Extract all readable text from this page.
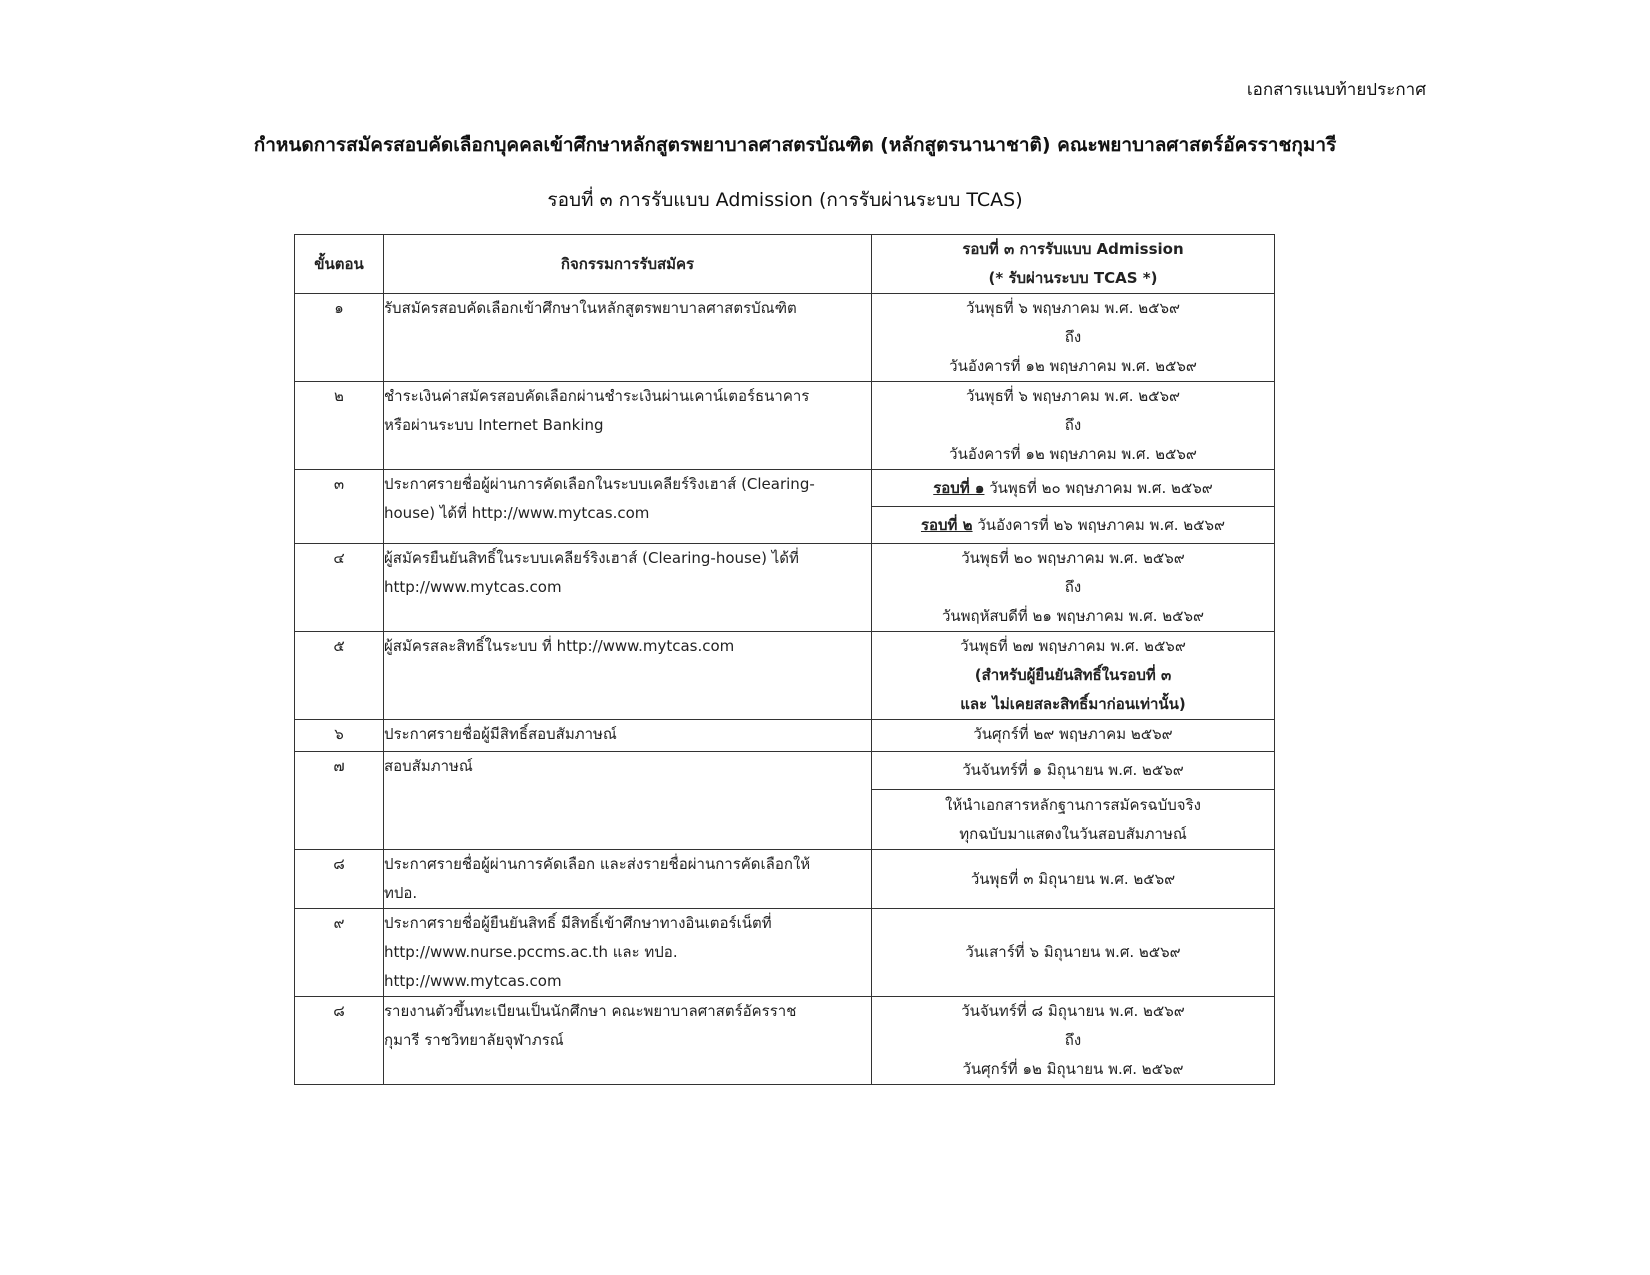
เอกสารแนบท้ายประกาศ
กำหนดการสมัครสอบคัดเลือกบุคคลเข้าศึกษาหลักสูตรพยาบาลศาสตรบัณฑิต (หลักสูตรนานาชาติ) คณะพยาบาลศาสตร์อัครราชกุมารี
รอบที่ ๓ การรับแบบ Admission (การรับผ่านระบบ TCAS)
ขั้นตอน	กิจกรรมการรับสมัคร	รอบที่ ๓ การรับแบบ Admission
(* รับผ่านระบบ TCAS *)

๑	รับสมัครสอบคัดเลือกเข้าศึกษาในหลักสูตรพยาบาลศาสตรบัณฑิต	วันพุธที่ ๖ พฤษภาคม พ.ศ. ๒๕๖๙
ถึง
วันอังคารที่ ๑๒ พฤษภาคม พ.ศ. ๒๕๖๙

๒	ชำระเงินค่าสมัครสอบคัดเลือกผ่านชำระเงินผ่านเคาน์เตอร์ธนาคาร
หรือผ่านระบบ Internet Banking	วันพุธที่ ๖ พฤษภาคม พ.ศ. ๒๕๖๙
ถึง
วันอังคารที่ ๑๒ พฤษภาคม พ.ศ. ๒๕๖๙

๓	ประกาศรายชื่อผู้ผ่านการคัดเลือกในระบบเคลียร์ริงเฮาส์ (Clearing-
house) ได้ที่ http://www.mytcas.com	รอบที่ ๑ วันพุธที่ ๒๐ พฤษภาคม พ.ศ. ๒๕๖๙
		รอบที่ ๒ วันอังคารที่ ๒๖ พฤษภาคม พ.ศ. ๒๕๖๙
๔	ผู้สมัครยืนยันสิทธิ์ในระบบเคลียร์ริงเฮาส์ (Clearing-house) ได้ที่
http://www.mytcas.com	วันพุธที่ ๒๐ พฤษภาคม พ.ศ. ๒๕๖๙
ถึง
วันพฤหัสบดีที่ ๒๑ พฤษภาคม พ.ศ. ๒๕๖๙

๕	ผู้สมัครสละสิทธิ์ในระบบ ที่ http://www.mytcas.com	วันพุธที่ ๒๗ พฤษภาคม พ.ศ. ๒๕๖๙
(สำหรับผู้ยืนยันสิทธิ์ในรอบที่ ๓
และ ไม่เคยสละสิทธิ์มาก่อนเท่านั้น)

๖	ประกาศรายชื่อผู้มีสิทธิ์สอบสัมภาษณ์	วันศุกร์ที่ ๒๙ พฤษภาคม ๒๕๖๙

๗	สอบสัมภาษณ์	วันจันทร์ที่ ๑ มิถุนายน พ.ศ. ๒๕๖๙

		ให้นำเอกสารหลักฐานการสมัครฉบับจริง
ทุกฉบับมาแสดงในวันสอบสัมภาษณ์

๘	ประกาศรายชื่อผู้ผ่านการคัดเลือก และส่งรายชื่อผ่านการคัดเลือกให้
ทปอ.	วันพุธที่ ๓ มิถุนายน พ.ศ. ๒๕๖๙

๙	ประกาศรายชื่อผู้ยืนยันสิทธิ์ มีสิทธิ์เข้าศึกษาทางอินเตอร์เน็ตที่
http://www.nurse.pccms.ac.th และ ทปอ.
http://www.mytcas.com	วันเสาร์ที่ ๖ มิถุนายน พ.ศ. ๒๕๖๙

๘	รายงานตัวขึ้นทะเบียนเป็นนักศึกษา คณะพยาบาลศาสตร์อัครราช
กุมารี ราชวิทยาลัยจุฬาภรณ์	วันจันทร์ที่ ๘ มิถุนายน พ.ศ. ๒๕๖๙
ถึง
วันศุกร์ที่ ๑๒ มิถุนายน พ.ศ. ๒๕๖๙
